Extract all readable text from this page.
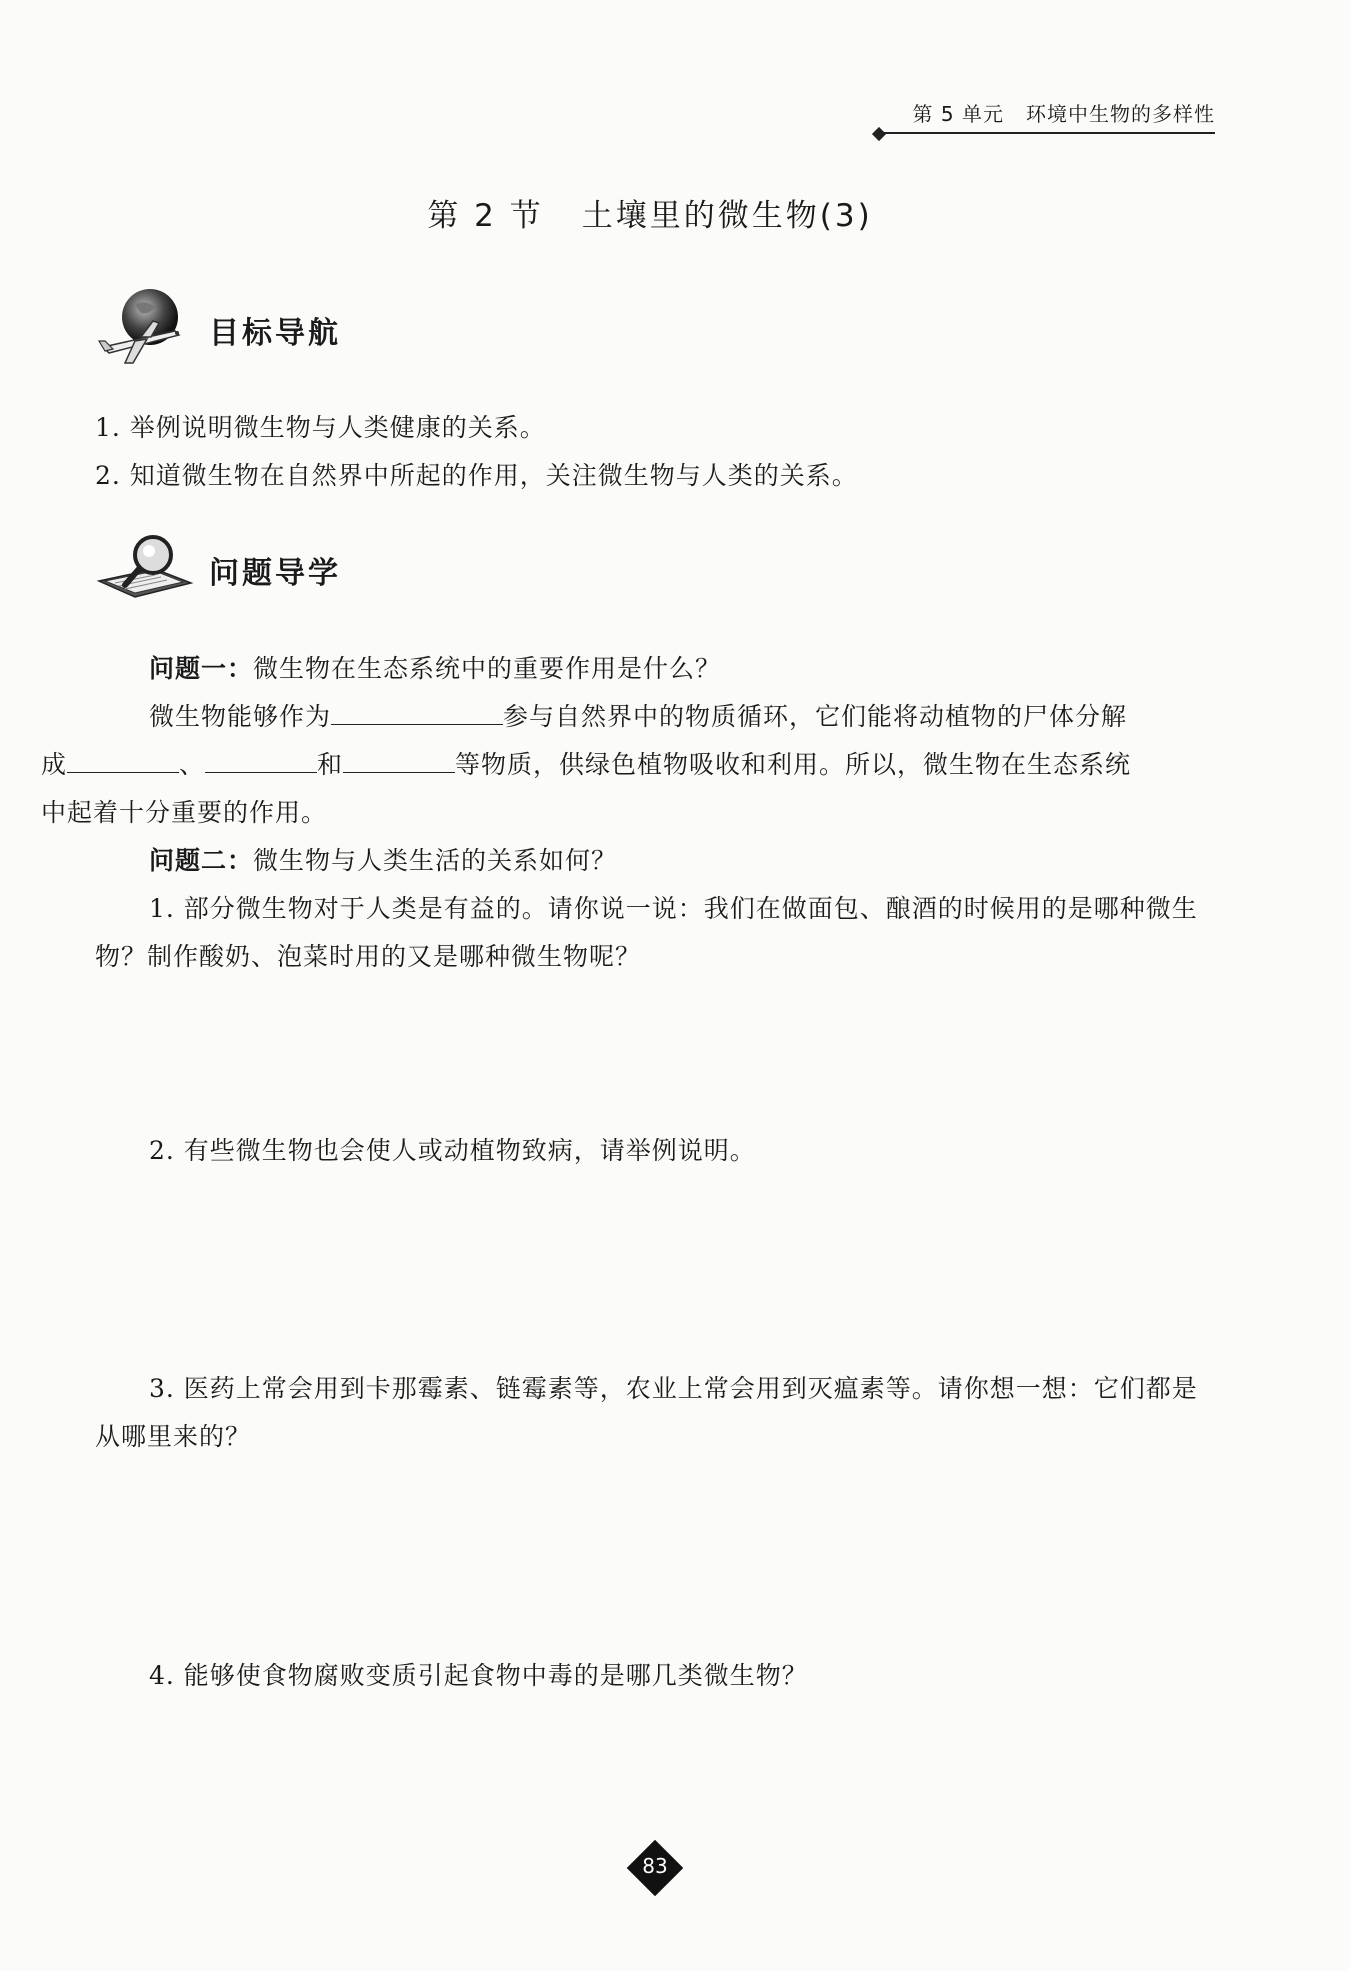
第 5 单元 环境中生物的多样性
第 2 节 土壤里的微生物(3)
目标导航
1. 举例说明微生物与人类健康的关系。
2. 知道微生物在自然界中所起的作用，关注微生物与人类的关系。
问题导学
问题一：微生物在生态系统中的重要作用是什么？
微生物能够作为	参与自然界中的物质循环，它们能将动植物的尸体分解
成	、	和	等物质，供绿色植物吸收和利用。所以，微生物在生态系统
中起着十分重要的作用。
问题二：微生物与人类生活的关系如何？
1. 部分微生物对于人类是有益的。请你说一说：我们在做面包、酿酒的时候用的是哪种微生物？制作酸奶、泡菜时用的又是哪种微生物呢？
2. 有些微生物也会使人或动植物致病，请举例说明。
3. 医药上常会用到卡那霉素、链霉素等，农业上常会用到灭瘟素等。请你想一想：它们都是从哪里来的？
4. 能够使食物腐败变质引起食物中毒的是哪几类微生物？
83
